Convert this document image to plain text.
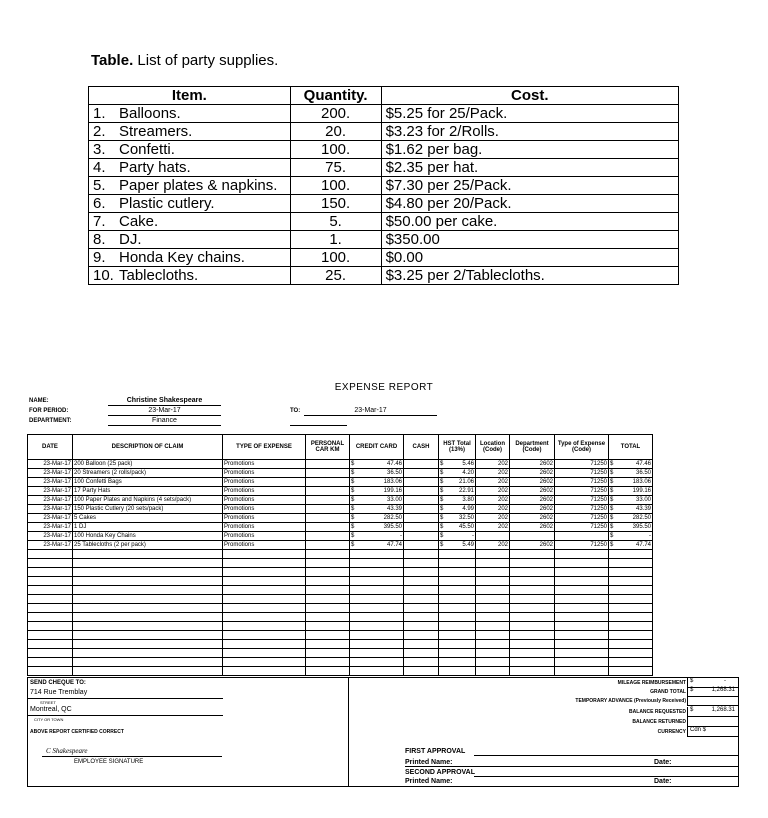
Table. List of party supplies.
Item.	Quantity.	Cost.
1. Balloons.	200.	$5.25 for 25/Pack.
2. Streamers.	20.	$3.23 for 2/Rolls.
3. Confetti.	100.	$1.62 per bag.
4. Party hats.	75.	$2.35 per hat.
5. Paper plates & napkins.	100.	$7.30 per 25/Pack.
6. Plastic cutlery.	150.	$4.80 per 20/Pack.
7. Cake.	5.	$50.00 per cake.
8. DJ.	1.	$350.00
9. Honda Key chains.	100.	$0.00
10. Tablecloths.	25.	$3.25 per 2/Tablecloths.
EXPENSE REPORT
NAME:	Christine Shakespeare
FOR PERIOD:	23-Mar-17
DEPARTMENT:	Finance
TO:	23-Mar-17
DATE	DESCRIPTION OF CLAIM	TYPE OF EXPENSE	PERSONAL CAR KM	CREDIT CARD	CASH	HST Total (13%)	Location (Code)	Department (Code)	Type of Expense (Code)	TOTAL
23-Mar-17	200 Balloon (25 pack)	Promotions		$ 47.46		$ 5.46	202	2602	71250	$ 47.46

23-Mar-17	20 Streamers (2 rolls/pack)	Promotions		$ 36.50		$ 4.20	202	2602	71250	$ 36.50

23-Mar-17	100 Confetti Bags	Promotions		$ 183.06		$ 21.06	202	2602	71250	$ 183.06

23-Mar-17	17 Party Hats	Promotions		$ 199.16		$ 22.91	202	2602	71250	$ 199.16

23-Mar-17	100 Paper Plates and Napkins (4 sets/pack)	Promotions		$ 33.00		$ 3.80	202	2602	71250	$ 33.00

23-Mar-17	150 Plastic Cutlery (20 sets/pack)	Promotions		$ 43.39		$ 4.99	202	2602	71250	$ 43.39

23-Mar-17	5 Cakes	Promotions		$ 282.50		$ 32.50	202	2602	71250	$ 282.50

23-Mar-17	1 DJ	Promotions		$ 395.50		$ 45.50	202	2602	71250	$ 395.50

23-Mar-17	100 Honda Key Chains	Promotions		$ -		$ -				$ -

23-Mar-17	25 Tablecloths (2 per pack)	Promotions		$ 47.74		$ 5.49	202	2602	71250	$ 47.74

SEND CHEQUE TO:
714 Rue Tremblay
STREET
Montreal, QC
CITY OR TOWN
ABOVE REPORT CERTIFIED CORRECT
C Shakespeare
EMPLOYEE SIGNATURE
MILEAGE REIMBURSEMENT $	-
GRAND TOTAL $	1,268.31
TEMPORARY ADVANCE (Previously Received)
BALANCE REQUESTED $	1,268.31
BALANCE RETURNED
CURRENCY Cdn $
FIRST APPROVAL
Printed Name:	Date:
SECOND APPROVAL
Printed Name:	Date:
